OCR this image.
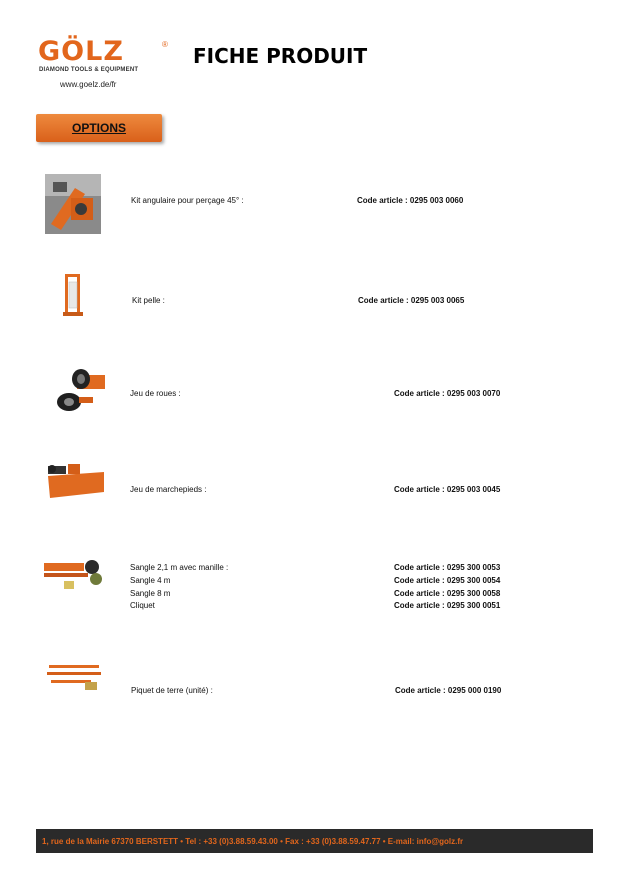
GÖLZ	®
DIAMOND TOOLS & EQUIPMENT
www.goelz.de/fr
FICHE PRODUIT
OPTIONS
Kit angulaire pour perçage 45° :	Code article : 0295 003 0060
Kit pelle :	Code article : 0295 003 0065
Jeu de roues :	Code article : 0295 003 0070
Jeu de marchepieds :	Code article : 0295 003 0045
Sangle 2,1 m avec manille :	Code article : 0295 300 0053
Sangle 4 m	Code article : 0295 300 0054
Sangle 8 m	Code article : 0295 300 0058
Cliquet	Code article : 0295 300 0051
Piquet de terre (unité) :	Code article : 0295 000 0190
1, rue de la Mairie 67370 BERSTETT • Tel : +33 (0)3.88.59.43.00 • Fax : +33 (0)3.88.59.47.77 • E-mail: info@golz.fr
